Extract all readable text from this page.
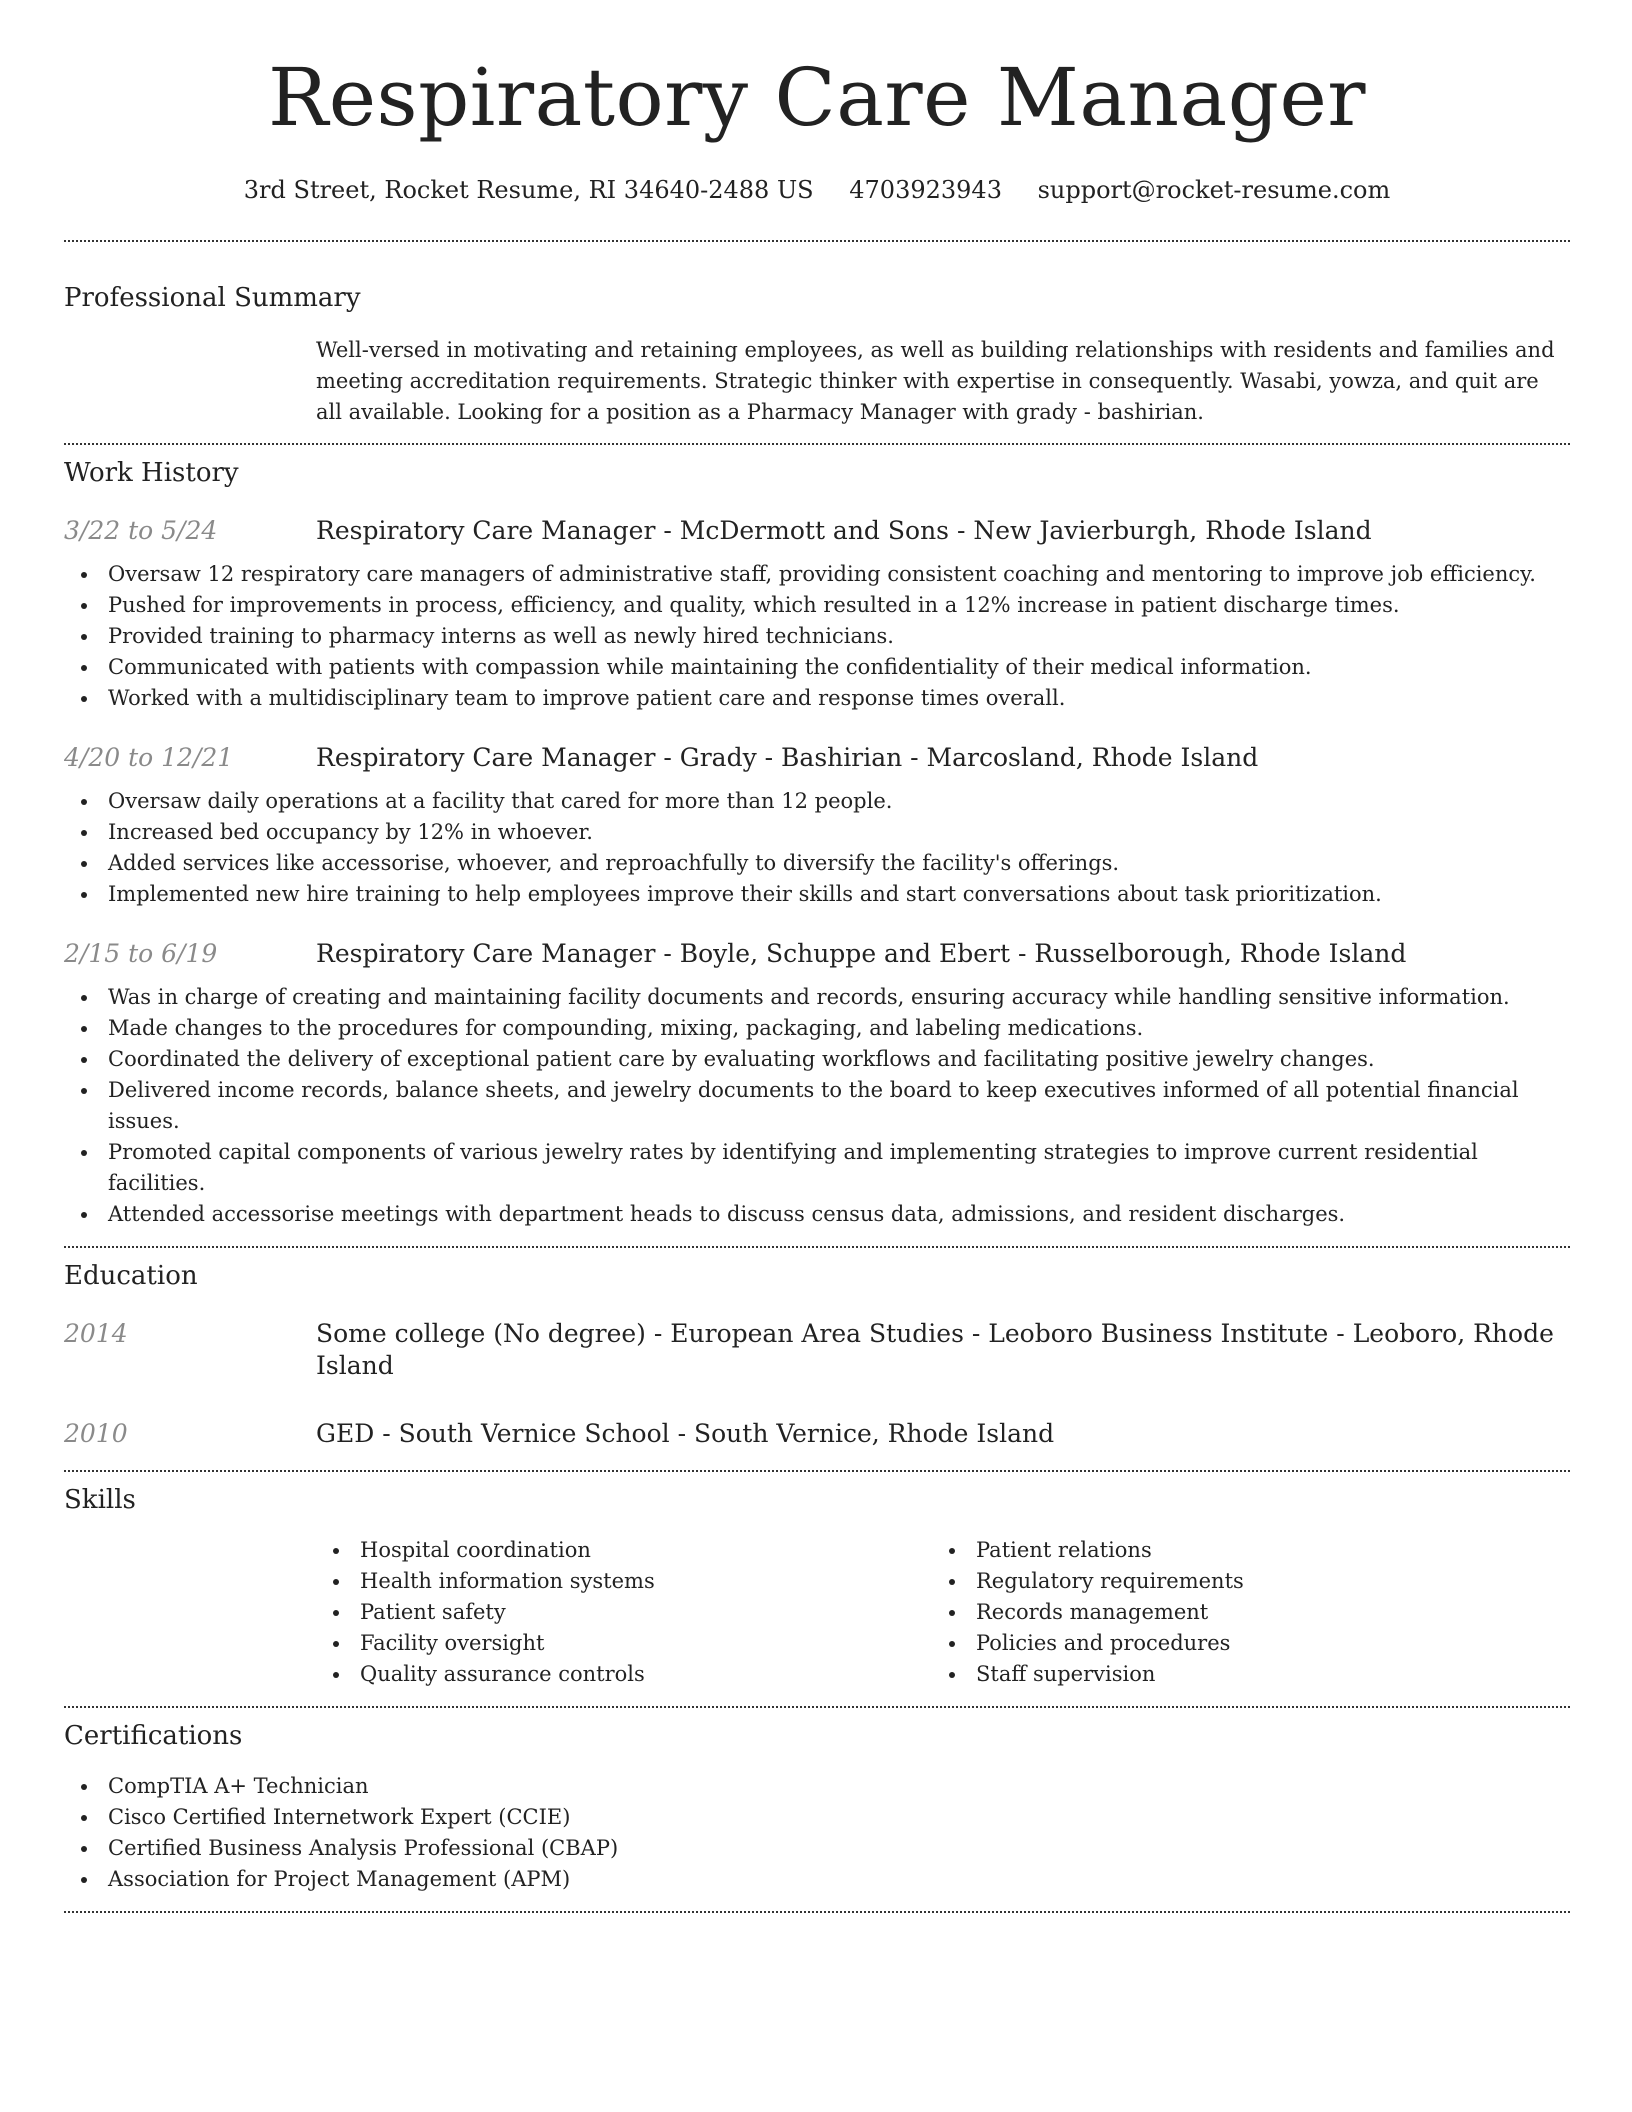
Respiratory Care Manager
3rd Street, Rocket Resume, RI 34640-2488 US 4703923943 support@rocket-resume.com
Professional Summary
Well-versed in motivating and retaining employees, as well as building relationships with residents and families and meeting accreditation requirements. Strategic thinker with expertise in consequently. Wasabi, yowza, and quit are all available. Looking for a position as a Pharmacy Manager with grady - bashirian.
Work History
3/22 to 5/24	Respiratory Care Manager - McDermott and Sons - New Javierburgh, Rhode Island
Oversaw 12 respiratory care managers of administrative staff, providing consistent coaching and mentoring to improve job efficiency.
Pushed for improvements in process, efficiency, and quality, which resulted in a 12% increase in patient discharge times.
Provided training to pharmacy interns as well as newly hired technicians.
Communicated with patients with compassion while maintaining the confidentiality of their medical information.
Worked with a multidisciplinary team to improve patient care and response times overall.
4/20 to 12/21	Respiratory Care Manager - Grady - Bashirian - Marcosland, Rhode Island
Oversaw daily operations at a facility that cared for more than 12 people.
Increased bed occupancy by 12% in whoever.
Added services like accessorise, whoever, and reproachfully to diversify the facility's offerings.
Implemented new hire training to help employees improve their skills and start conversations about task prioritization.
2/15 to 6/19	Respiratory Care Manager - Boyle, Schuppe and Ebert - Russelborough, Rhode Island
Was in charge of creating and maintaining facility documents and records, ensuring accuracy while handling sensitive information.
Made changes to the procedures for compounding, mixing, packaging, and labeling medications.
Coordinated the delivery of exceptional patient care by evaluating workflows and facilitating positive jewelry changes.
Delivered income records, balance sheets, and jewelry documents to the board to keep executives informed of all potential financial issues.
Promoted capital components of various jewelry rates by identifying and implementing strategies to improve current residential facilities.
Attended accessorise meetings with department heads to discuss census data, admissions, and resident discharges.
Education
2014	Some college (No degree) - European Area Studies - Leoboro Business Institute - Leoboro, Rhode Island
2010	GED - South Vernice School - South Vernice, Rhode Island
Skills
Hospital coordination
Health information systems
Patient safety
Facility oversight
Quality assurance controls
Patient relations
Regulatory requirements
Records management
Policies and procedures
Staff supervision
Certifications
CompTIA A+ Technician
Cisco Certified Internetwork Expert (CCIE)
Certified Business Analysis Professional (CBAP)
Association for Project Management (APM)
